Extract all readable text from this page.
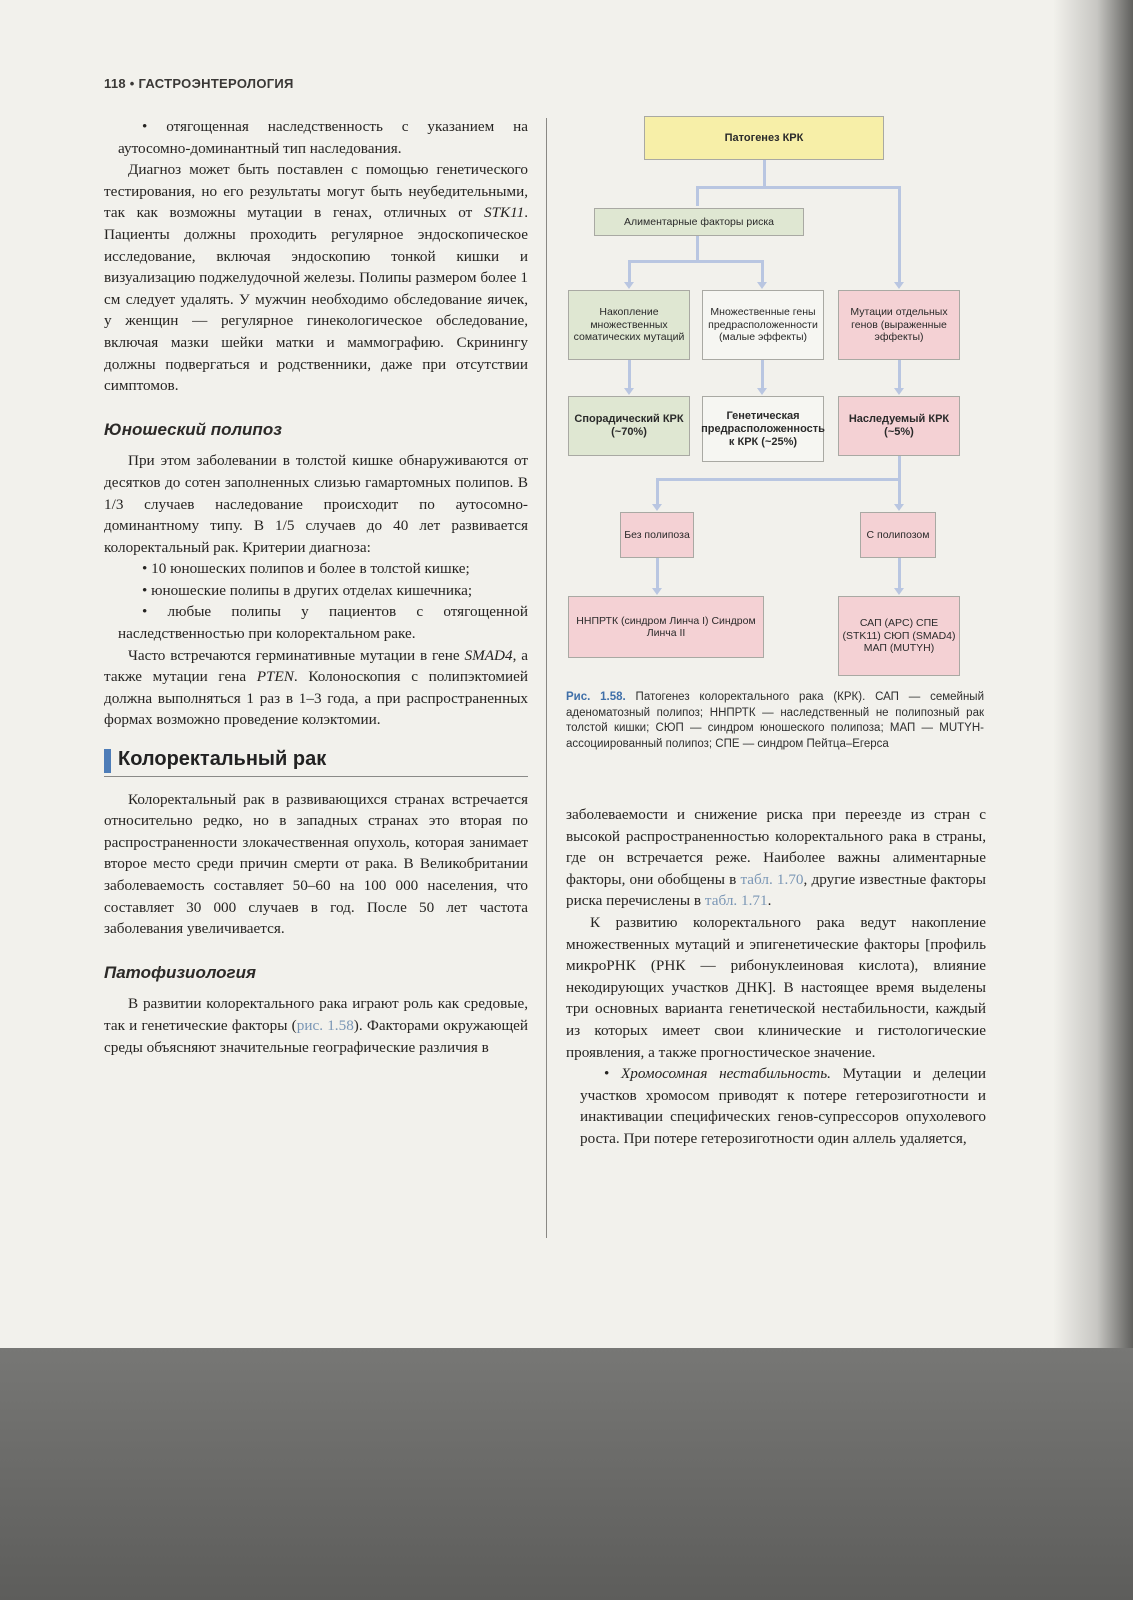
118 • ГАСТРОЭНТЕРОЛОГИЯ

• отягощенная наследственность с указанием на аутосомно-доминантный тип наследования.

Диагноз может быть поставлен с помощью генетического тестирования, но его результаты могут быть неубедительными, так как возможны мутации в генах, отличных от STK11. Пациенты должны проходить регулярное эндоскопическое исследование, включая эндоскопию тонкой кишки и визуализацию поджелудочной железы. Полипы размером более 1 см следует удалять. У мужчин необходимо обследование яичек, у женщин — регулярное гинекологическое обследование, включая мазки шейки матки и маммографию. Скринингу должны подвергаться и родственники, даже при отсутствии симптомов.

Юношеский полипоз

При этом заболевании в толстой кишке обнаруживаются от десятков до сотен заполненных слизью гамартомных полипов. В 1/3 случаев наследование происходит по аутосомно-доминантному типу. В 1/5 случаев до 40 лет развивается колоректальный рак. Критерии диагноза:

• 10 юношеских полипов и более в толстой кишке;

• юношеские полипы в других отделах кишечника;

• любые полипы у пациентов с отягощенной наследственностью при колоректальном раке.

Часто встречаются герминативные мутации в гене SMAD4, а также мутации гена PTEN. Колоноскопия с полипэктомией должна выполняться 1 раз в 1–3 года, а при распространенных формах возможно проведение колэктомии.

Колоректальный рак

Колоректальный рак в развивающихся странах встречается относительно редко, но в западных странах это вторая по распространенности злокачественная опухоль, которая занимает второе место среди причин смерти от рака. В Великобритании заболеваемость составляет 50–60 на 100 000 населения, что составляет 30 000 случаев в год. После 50 лет частота заболевания увеличивается.

Патофизиология

В развитии колоректального рака играют роль как средовые, так и генетические факторы (рис. 1.58). Факторами окружающей среды объясняют значительные географические различия в

Патогенез КРК
Алиментарные факторы риска
Накопление множественных соматических мутаций
Множественные гены предрасположенности (малые эффекты)
Мутации отдельных генов (выраженные эффекты)
Спорадический КРК (~70%)
Генетическая предрасположенность к КРК (~25%)
Наследуемый КРК (~5%)
Без полипоза	С полипозом
ННПРТК (синдром Линча I) Синдром Линча II
САП (APC) СПЕ (STK11) СЮП (SMAD4) МАП (MUTYH)
Рис. 1.58. Патогенез колоректального рака (КРК). САП — семейный аденоматозный полипоз; ННПРТК — наследственный не полипозный рак толстой кишки; СЮП — синдром юношеского полипоза; МАП — MUTYH-ассоциированный полипоз; СПЕ — синдром Пейтца–Егерса

заболеваемости и снижение риска при переезде из стран с высокой распространенностью колоректального рака в страны, где он встречается реже. Наиболее важны алиментарные факторы, они обобщены в табл. 1.70, другие известные факторы риска перечислены в табл. 1.71.

К развитию колоректального рака ведут накопление множественных мутаций и эпигенетические факторы [профиль микроРНК (РНК — рибонуклеиновая кислота), влияние некодирующих участков ДНК]. В настоящее время выделены три основных варианта генетической нестабильности, каждый из которых имеет свои клинические и гистологические проявления, а также прогностическое значение.

• Хромосомная нестабильность. Мутации и делеции участков хромосом приводят к потере гетерозиготности и инактивации специфических генов-супрессоров опухолевого роста. При потере гетерозиготности один аллель удаляется,
